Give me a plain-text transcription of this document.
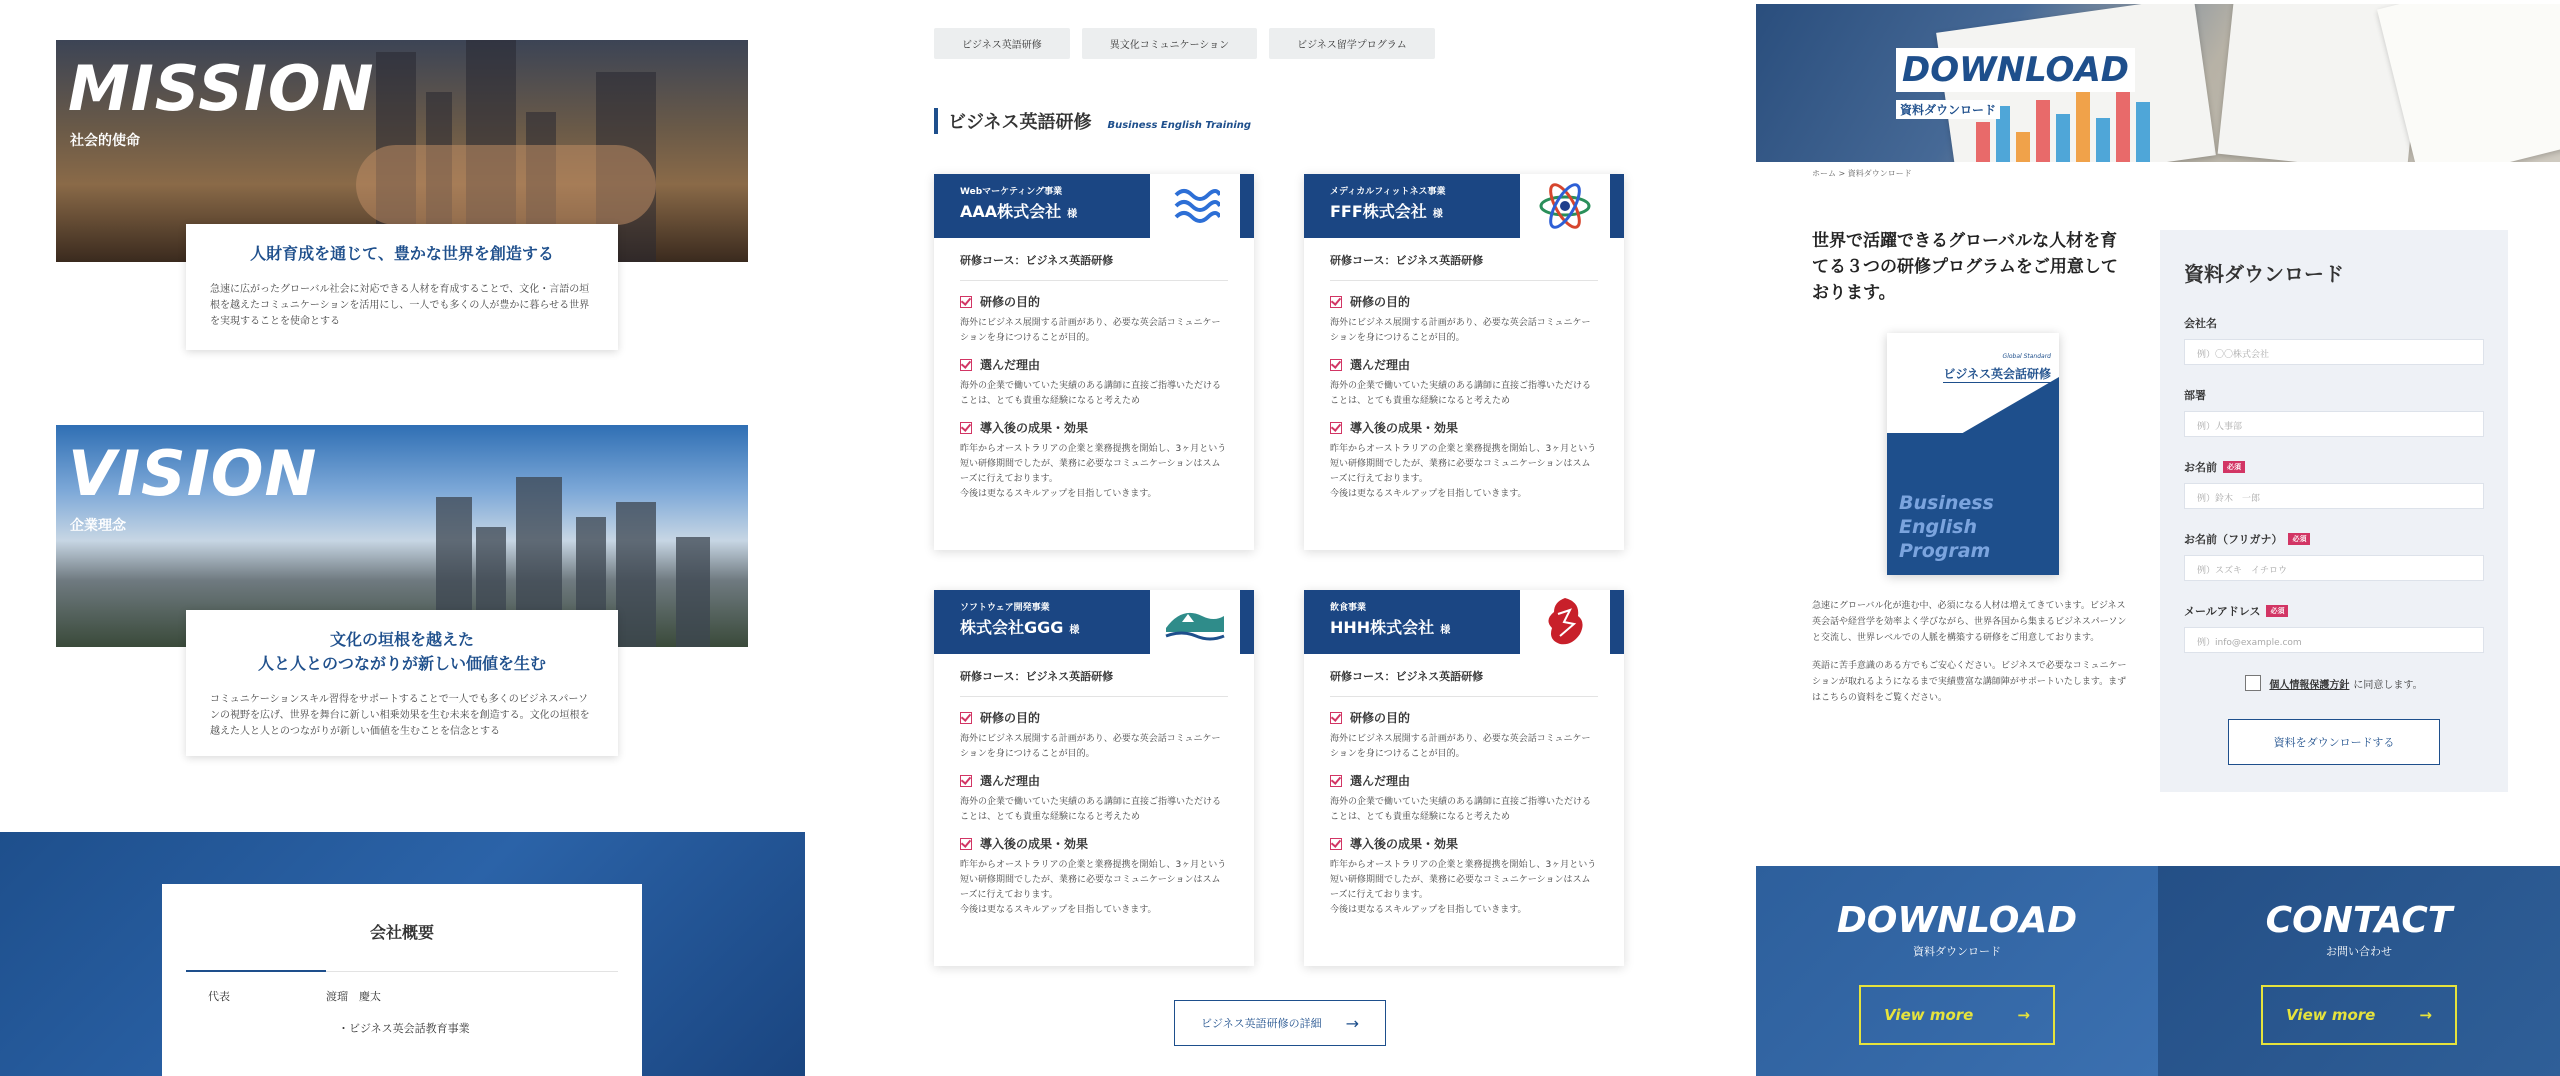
MISSION
社会的使命
人財育成を通じて、豊かな世界を創造する

急速に広がったグローバル社会に対応できる人材を育成することで、文化・言語の垣根を越えたコミュニケーションを活用にし、一人でも多くの人が豊かに暮らせる世界を実現することを使命とする

VISION
企業理念
文化の垣根を越えた
人と人とのつながりが新しい価値を生む

コミュニケーションスキル習得をサポートすることで一人でも多くのビジネスパーソンの視野を広げ、世界を舞台に新しい相乗効果を生む未来を創造する。文化の垣根を越えた人と人とのつながりが新しい価値を生むことを信念とする

会社概要
代表	渡瑠　慶太
・ビジネス英会話教育事業
ビジネス英語研修	異文化コミュニケーション	ビジネス留学プログラム
ビジネス英語研修 Business English Training
Webマーケティング事業
AAA株式会社 様
研修コース：ビジネス英語研修
研修の目的
海外にビジネス展開する計画があり、必要な英会話コミュニケーションを身につけることが目的。
選んだ理由
海外の企業で働いていた実績のある講師に直接ご指導いただけることは、とても貴重な経験になると考えため
導入後の成果・効果
昨年からオーストラリアの企業と業務提携を開始し、3ヶ月という短い研修期間でしたが、業務に必要なコミュニケーションはスムーズに行えております。
今後は更なるスキルアップを目指していきます。
メディカルフィットネス事業
FFF株式会社 様
研修コース：ビジネス英語研修
研修の目的
海外にビジネス展開する計画があり、必要な英会話コミュニケーションを身につけることが目的。
選んだ理由
海外の企業で働いていた実績のある講師に直接ご指導いただけることは、とても貴重な経験になると考えため
導入後の成果・効果
昨年からオーストラリアの企業と業務提携を開始し、3ヶ月という短い研修期間でしたが、業務に必要なコミュニケーションはスムーズに行えております。
今後は更なるスキルアップを目指していきます。
ソフトウェア開発事業
株式会社GGG 様
研修コース：ビジネス英語研修
研修の目的
海外にビジネス展開する計画があり、必要な英会話コミュニケーションを身につけることが目的。
選んだ理由
海外の企業で働いていた実績のある講師に直接ご指導いただけることは、とても貴重な経験になると考えため
導入後の成果・効果
昨年からオーストラリアの企業と業務提携を開始し、3ヶ月という短い研修期間でしたが、業務に必要なコミュニケーションはスムーズに行えております。
今後は更なるスキルアップを目指していきます。
飲食事業
HHH株式会社 様
研修コース：ビジネス英語研修
研修の目的
海外にビジネス展開する計画があり、必要な英会話コミュニケーションを身につけることが目的。
選んだ理由
海外の企業で働いていた実績のある講師に直接ご指導いただけることは、とても貴重な経験になると考えため
導入後の成果・効果
昨年からオーストラリアの企業と業務提携を開始し、3ヶ月という短い研修期間でしたが、業務に必要なコミュニケーションはスムーズに行えております。
今後は更なるスキルアップを目指していきます。
ビジネス英語研修の詳細 →
DOWNLOAD
資料ダウンロード
ホーム > 資料ダウンロード
世界で活躍できるグローバルな人材を育てる３つの研修プログラムをご用意しております。
Global Standard
ビジネス英会話研修
Business
English
Program

急速にグローバル化が進む中、必須になる人材は増えてきています。ビジネス英会話や経営学を効率よく学びながら、世界各国から集まるビジネスパーソンと交流し、世界レベルでの人脈を構築する研修をご用意しております。

英語に苦手意識のある方でもご安心ください。ビジネスで必要なコミュニケーションが取れるようになるまで実績豊富な講師陣がサポートいたします。まずはこちらの資料をご覧ください。

資料ダウンロード
会社名
例）〇〇株式会社
部署
例）人事部
お名前	必須
例）鈴木　一郎
お名前（フリガナ）	必須
例）スズキ　イチロウ
メールアドレス	必須
例）info@example.com
個人情報保護方針 に同意します。
資料をダウンロードする
DOWNLOAD
資料ダウンロード
View more	→
CONTACT
お問い合わせ
View more	→
